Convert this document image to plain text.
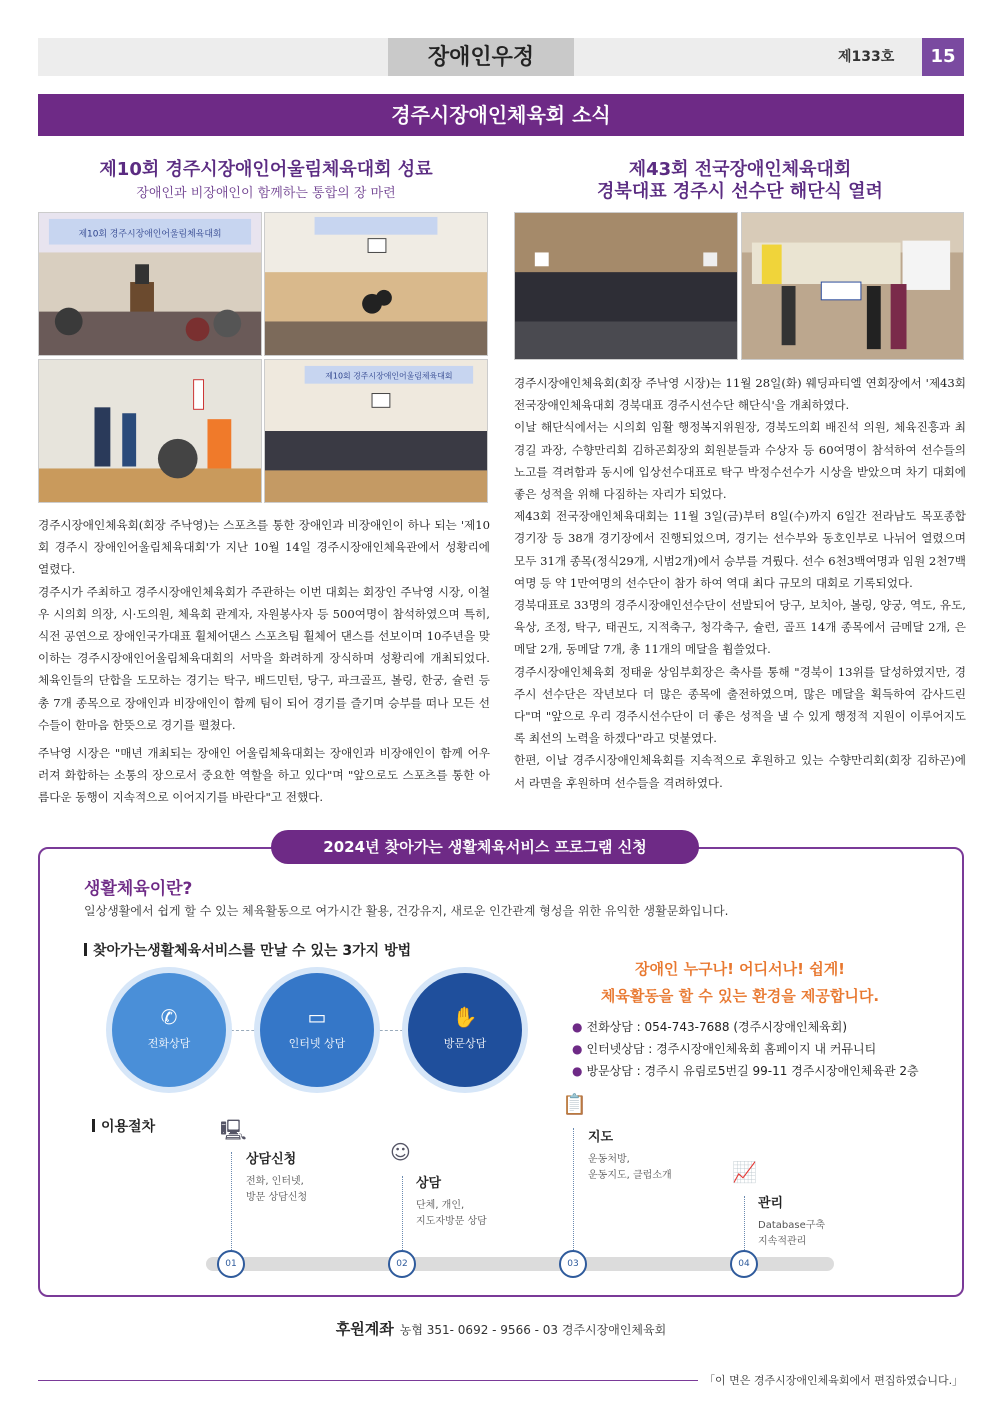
장애인우정	제133호	15
경주시장애인체육회 소식
제10회 경주시장애인어울림체육대회 성료
장애인과 비장애인이 함께하는 통합의 장 마련
제10회 경주시장애인어울림체육대회
제10회 경주시장애인어울림체육대회

경주시장애인체육회(회장 주낙영)는 스포츠를 통한 장애인과 비장애인이 하나 되는 '제10회 경주시 장애인어울림체육대회'가 지난 10월 14일 경주시장애인체육관에서 성황리에 열렸다.

경주시가 주최하고 경주시장애인체육회가 주관하는 이번 대회는 회장인 주낙영 시장, 이철우 시의회 의장, 시·도의원, 체육회 관계자, 자원봉사자 등 500여명이 참석하였으며 특히, 식전 공연으로 장애인국가대표 휠체어댄스 스포츠팀 휠체어 댄스를 선보이며 10주년을 맞이하는 경주시장애인어울림체육대회의 서막을 화려하게 장식하며 성황리에 개최되었다. 체육인들의 단합을 도모하는 경기는 탁구, 배드민턴, 당구, 파크골프, 볼링, 한궁, 슐런 등 총 7개 종목으로 장애인과 비장애인이 함께 팀이 되어 경기를 즐기며 승부를 떠나 모든 선수들이 한마음 한뜻으로 경기를 펼쳤다.

주낙영 시장은 "매년 개최되는 장애인 어울림체육대회는 장애인과 비장애인이 함께 어우러져 화합하는 소통의 장으로서 중요한 역할을 하고 있다"며 "앞으로도 스포츠를 통한 아름다운 동행이 지속적으로 이어지기를 바란다"고 전했다.

제43회 전국장애인체육대회
경북대표 경주시 선수단 해단식 열려

경주시장애인체육회(회장 주낙영 시장)는 11월 28일(화) 웨딩파티엘 연회장에서 '제43회 전국장애인체육대회 경북대표 경주시선수단 해단식'을 개최하였다.

이날 해단식에서는 시의회 임활 행정복지위원장, 경북도의회 배진석 의원, 체육진흥과 최경길 과장, 수향만리회 김하곤회장외 회원분들과 수상자 등 60여명이 참석하여 선수들의 노고를 격려함과 동시에 입상선수대표로 탁구 박정수선수가 시상을 받았으며 차기 대회에 좋은 성적을 위해 다짐하는 자리가 되었다.

제43회 전국장애인체육대회는 11월 3일(금)부터 8일(수)까지 6일간 전라남도 목포종합경기장 등 38개 경기장에서 진행되었으며, 경기는 선수부와 동호인부로 나뉘어 열렸으며 모두 31개 종목(정식29개, 시범2개)에서 승부를 겨뤘다. 선수 6천3백여명과 임원 2천7백여명 등 약 1만여명의 선수단이 참가 하여 역대 최다 규모의 대회로 기록되었다.

경북대표로 33명의 경주시장애인선수단이 선발되어 당구, 보치아, 볼링, 양궁, 역도, 유도, 육상, 조정, 탁구, 태권도, 지적축구, 청각축구, 슐런, 골프 14개 종목에서 금메달 2개, 은메달 2개, 동메달 7개, 총 11개의 메달을 휩쓸었다.

경주시장애인체육회 정태윤 상임부회장은 축사를 통해 "경북이 13위를 달성하였지만, 경주시 선수단은 작년보다 더 많은 종목에 출전하였으며, 많은 메달을 획득하여 감사드린다"며 "앞으로 우리 경주시선수단이 더 좋은 성적을 낼 수 있게 행정적 지원이 이루어지도록 최선의 노력을 하겠다"라고 덧붙였다.

한편, 이날 경주시장애인체육회를 지속적으로 후원하고 있는 수향만리회(회장 김하곤)에서 라면을 후원하며 선수들을 격려하였다.

2024년 찾아가는 생활체육서비스 프로그램 신청
생활체육이란?
일상생활에서 쉽게 할 수 있는 체육활동으로 여가시간 활용, 건강유지, 새로운 인간관계 형성을 위한 유익한 생활문화입니다.
찾아가는생활체육서비스를 만날 수 있는 3가지 방법
✆
전화상담
▭
인터넷 상담
✋
방문상담
장애인 누구나! 어디서나! 쉽게!
체육활동을 할 수 있는 환경을 제공합니다.
● 전화상담 : 054-743-7688 (경주시장애인체육회)
● 인터넷상담 : 경주시장애인체육회 홈페이지 내 커뮤니티
● 방문상담 : 경주시 유림로5번길 99-11 경주시장애인체육관 2층
이용절차	🖳
상담신청
전화, 인터넷,
방문 상담신청
☺
상담
단체, 개인,
지도자방문 상담
📋
지도
운동처방,
운동지도, 클럽소개	📈
관리
Database구축
지속적관리
01	02	03	04
후원계좌 농협 351- 0692 - 9566 - 03 경주시장애인체육회
「이 면은 경주시장애인체육회에서 편집하였습니다.」
